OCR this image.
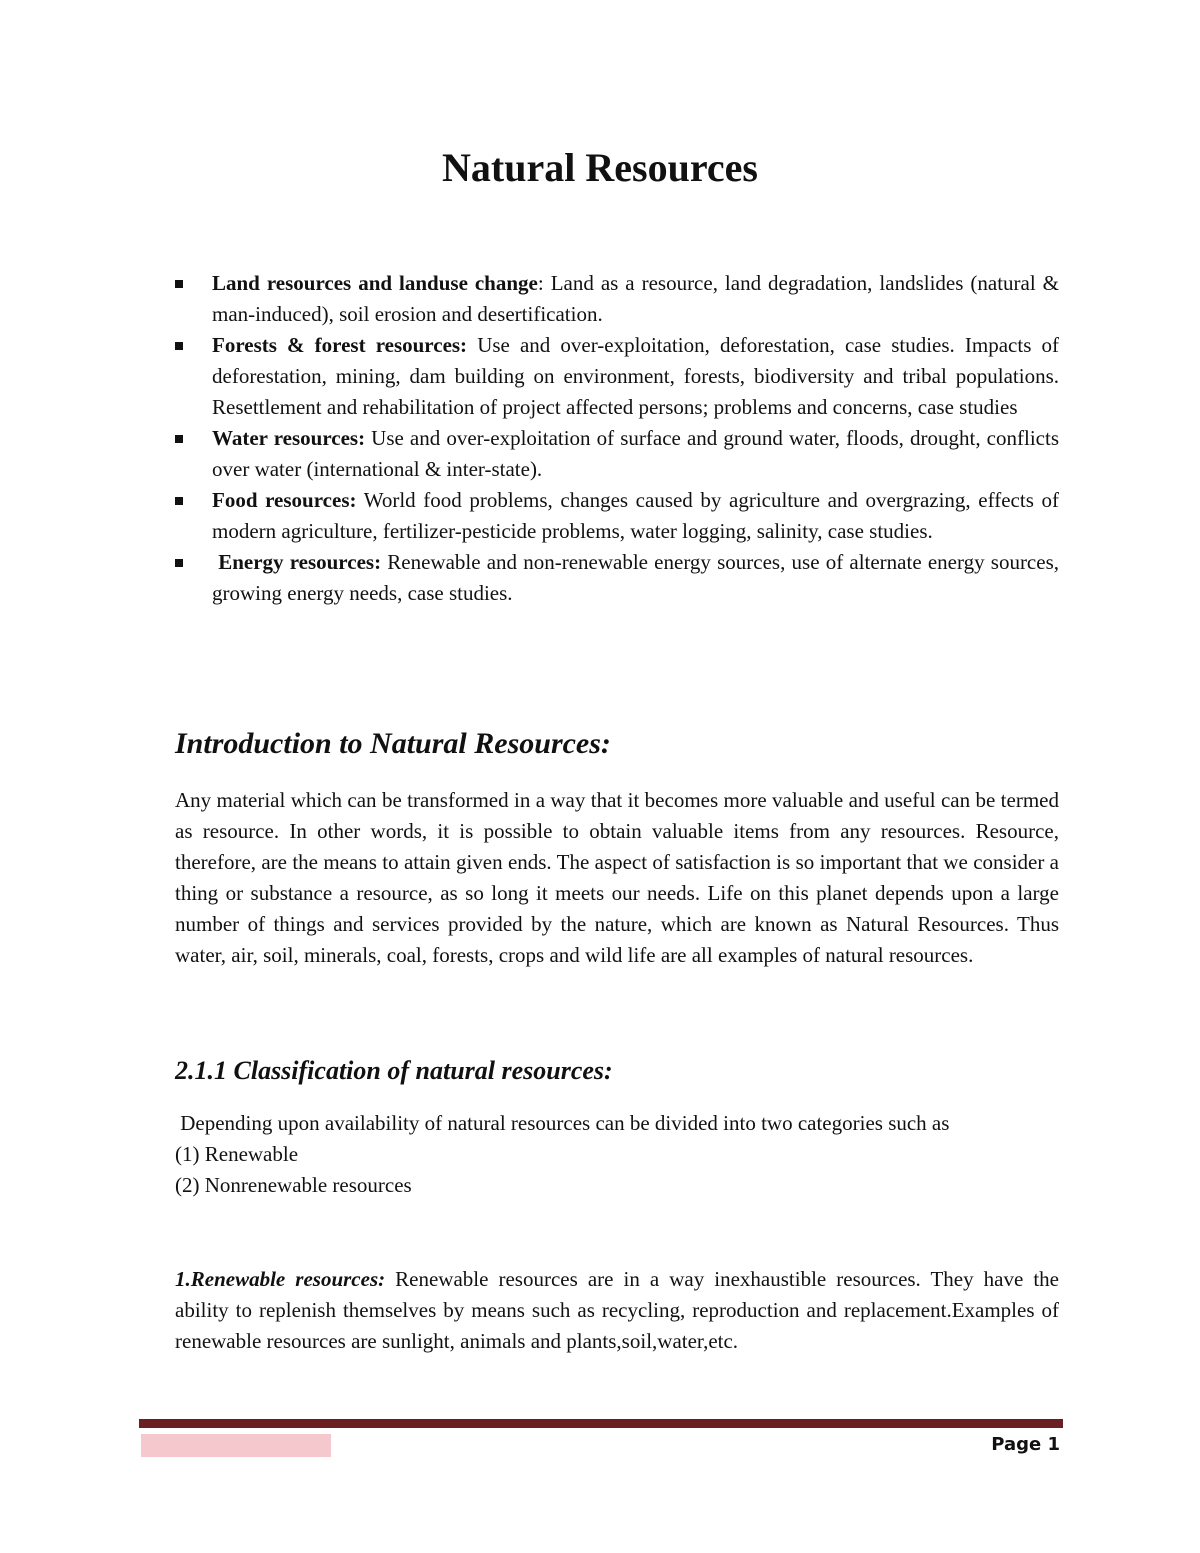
Natural Resources
Land resources and landuse change: Land as a resource, land degradation, landslides (natural & man-induced), soil erosion and desertification.
Forests & forest resources: Use and over-exploitation, deforestation, case studies. Impacts of deforestation, mining, dam building on environment, forests, biodiversity and tribal populations. Resettlement and rehabilitation of project affected persons; problems and concerns, case studies
Water resources: Use and over-exploitation of surface and ground water, floods, drought, conflicts over water (international & inter-state).
Food resources: World food problems, changes caused by agriculture and overgrazing, effects of modern agriculture, fertilizer-pesticide problems, water logging, salinity, case studies.
Energy resources: Renewable and non-renewable energy sources, use of alternate energy sources, growing energy needs, case studies.
Introduction to Natural Resources:

Any material which can be transformed in a way that it becomes more valuable and useful can be termed as resource. In other words, it is possible to obtain valuable items from any resources. Resource, therefore, are the means to attain given ends. The aspect of satisfaction is so important that we consider a thing or substance a resource, as so long it meets our needs. Life on this planet depends upon a large number of things and services provided by the nature, which are known as Natural Resources. Thus water, air, soil, minerals, coal, forests, crops and wild life are all examples of natural resources.

2.1.1 Classification of natural resources:

Depending upon availability of natural resources can be divided into two categories such as

(1) Renewable

(2) Nonrenewable resources

1.Renewable resources: Renewable resources are in a way inexhaustible resources. They have the ability to replenish themselves by means such as recycling, reproduction and replacement.Examples of renewable resources are sunlight, animals and plants,soil,water,etc.

Page 1
